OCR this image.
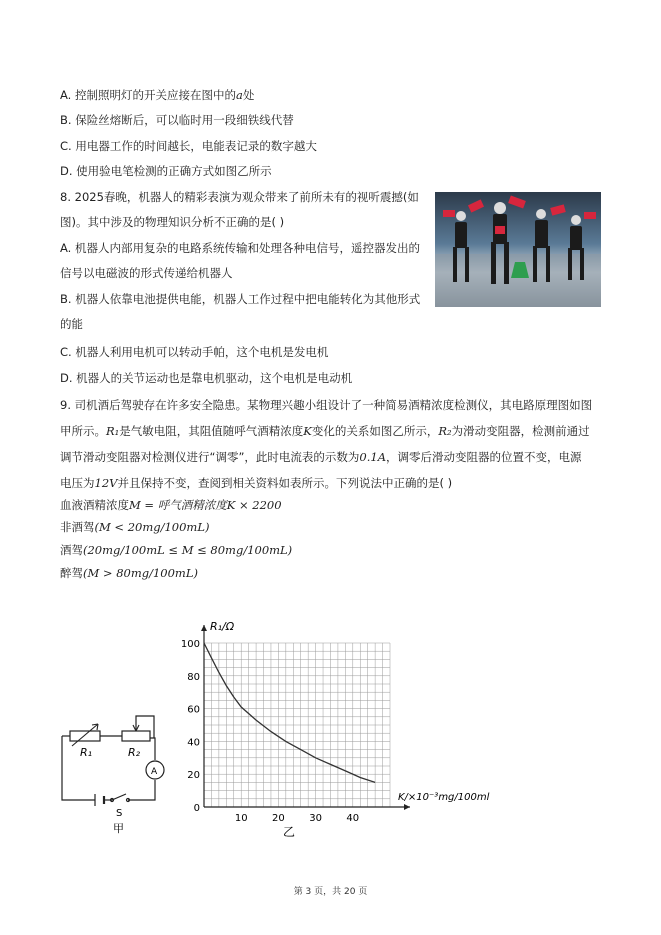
A. 控制照明灯的开关应接在图中的a处
B. 保险丝熔断后，可以临时用一段细铁线代替
C. 用电器工作的时间越长，电能表记录的数字越大
D. 使用验电笔检测的正确方式如图乙所示
8. 2025春晚，机器人的精彩表演为观众带来了前所未有的视听震撼(如
图)。其中涉及的物理知识分析不正确的是( )
A. 机器人内部用复杂的电路系统传输和处理各种电信号，遥控器发出的
信号以电磁波的形式传递给机器人
B. 机器人依靠电池提供电能，机器人工作过程中把电能转化为其他形式
的能
C. 机器人利用电机可以转动手帕，这个电机是发电机
D. 机器人的关节运动也是靠电机驱动，这个电机是电动机
9. 司机酒后驾驶存在许多安全隐患。某物理兴趣小组设计了一种简易酒精浓度检测仪，其电路原理图如图
甲所示。R₁是气敏电阻，其阻值随呼气酒精浓度K变化的关系如图乙所示，R₂为滑动变阻器，检测前通过
调节滑动变阻器对检测仪进行“调零”，此时电流表的示数为0.1A，调零后滑动变阻器的位置不变，电源
电压为12V并且保持不变，查阅到相关资料如表所示。下列说法中正确的是( )
血液酒精浓度M = 呼气酒精浓度K × 2200
非酒驾(M < 20mg/100mL)
酒驾(20mg/100mL ≤ M ≤ 80mg/100mL)
醉驾(M > 80mg/100mL)
R₁	R₂
A
S
甲
0
20
40
60
80
100
10 20 30 40
R₁/Ω
K/×10⁻³mg/100ml
乙
第 3 页，共 20 页
